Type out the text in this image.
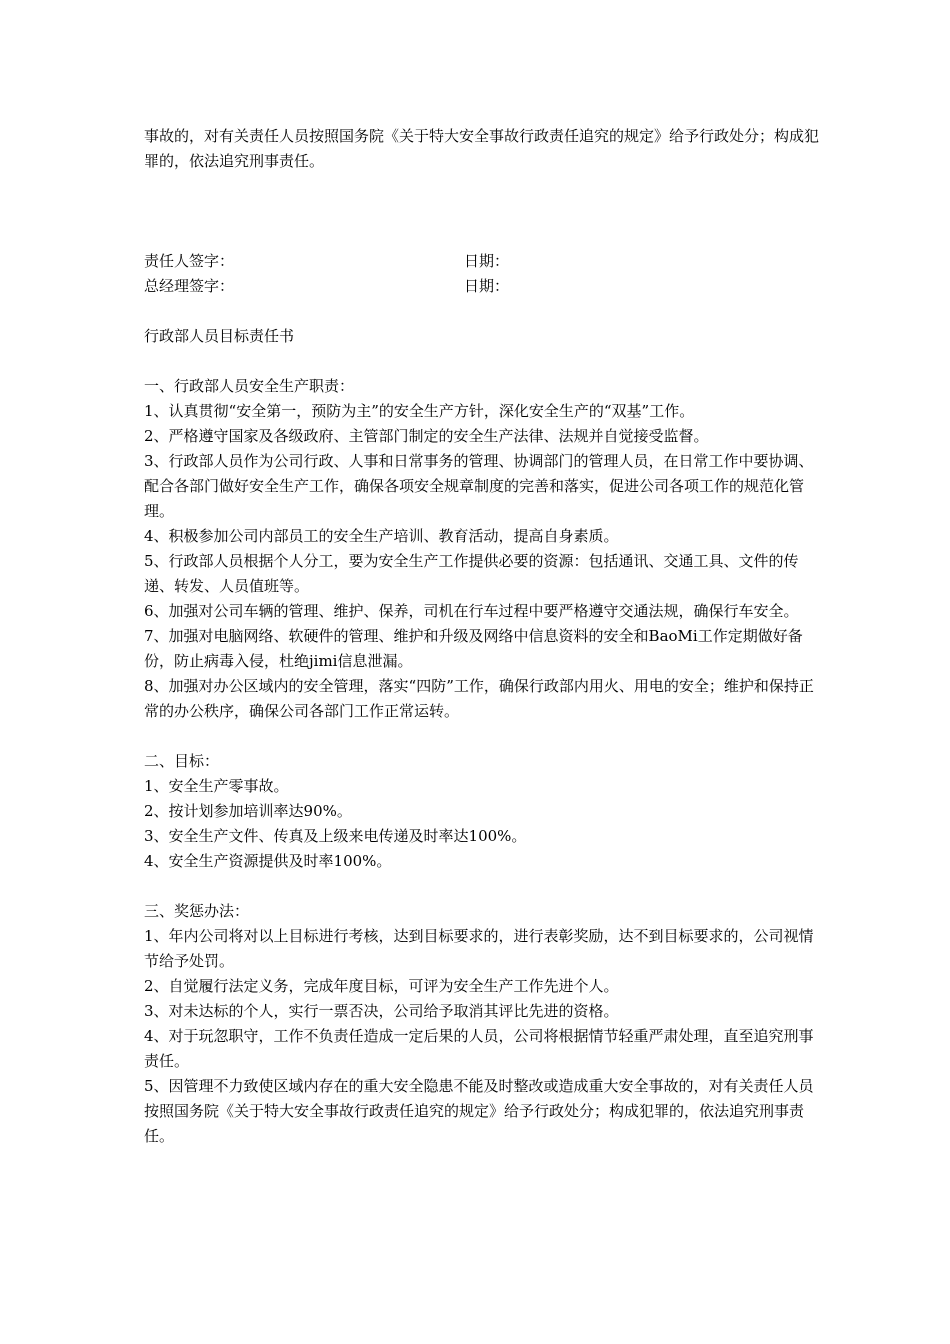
事故的，对有关责任人员按照国务院《关于特大安全事故行政责任追究的规定》给予行政处分；构成犯罪的，依法追究刑事责任。

责任人签字：	日期：
总经理签字：	日期：

行政部人员目标责任书

一、行政部人员安全生产职责：

1、认真贯彻“安全第一，预防为主”的安全生产方针，深化安全生产的“双基”工作。

2、严格遵守国家及各级政府、主管部门制定的安全生产法律、法规并自觉接受监督。

3、行政部人员作为公司行政、人事和日常事务的管理、协调部门的管理人员，在日常工作中要协调、配合各部门做好安全生产工作，确保各项安全规章制度的完善和落实，促进公司各项工作的规范化管理。

4、积极参加公司内部员工的安全生产培训、教育活动，提高自身素质。

5、行政部人员根据个人分工，要为安全生产工作提供必要的资源：包括通讯、交通工具、文件的传递、转发、人员值班等。

6、加强对公司车辆的管理、维护、保养，司机在行车过程中要严格遵守交通法规，确保行车安全。

7、加强对电脑网络、软硬件的管理、维护和升级及网络中信息资料的安全和BaoMi工作定期做好备份，防止病毒入侵，杜绝jimi信息泄漏。

8、加强对办公区域内的安全管理，落实“四防”工作，确保行政部内用火、用电的安全；维护和保持正常的办公秩序，确保公司各部门工作正常运转。

二、目标：

1、安全生产零事故。

2、按计划参加培训率达90%。

3、安全生产文件、传真及上级来电传递及时率达100%。

4、安全生产资源提供及时率100%。

三、奖惩办法：

1、年内公司将对以上目标进行考核，达到目标要求的，进行表彰奖励，达不到目标要求的，公司视情节给予处罚。

2、自觉履行法定义务，完成年度目标，可评为安全生产工作先进个人。

3、对未达标的个人，实行一票否决，公司给予取消其评比先进的资格。

4、对于玩忽职守，工作不负责任造成一定后果的人员，公司将根据情节轻重严肃处理，直至追究刑事责任。

5、因管理不力致使区域内存在的重大安全隐患不能及时整改或造成重大安全事故的，对有关责任人员按照国务院《关于特大安全事故行政责任追究的规定》给予行政处分；构成犯罪的，依法追究刑事责任。
